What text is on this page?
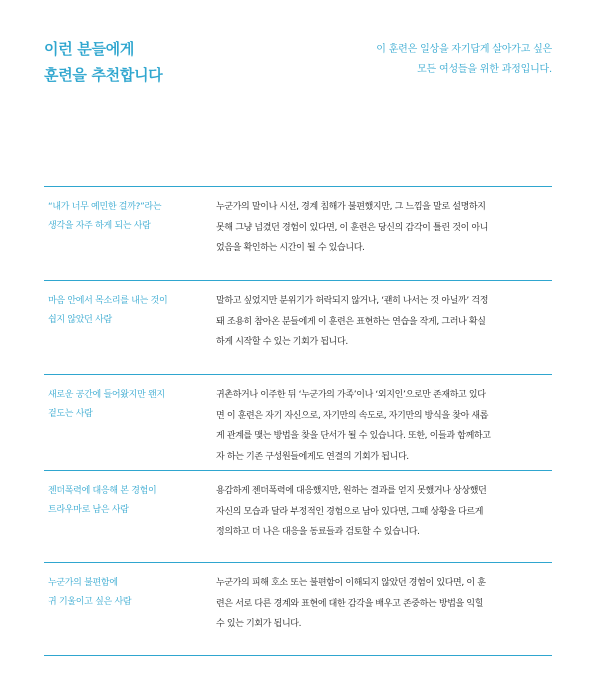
이런 분들에게
훈련을 추천합니다
이 훈련은 일상을 자기답게 살아가고 싶은
모든 여성들을 위한 과정입니다.
“내가 너무 예민한 걸까?”라는
생각을 자주 하게 되는 사람
누군가의 말이나 시선, 경계 침해가 불편했지만, 그 느낌을 말로 설명하지
못해 그냥 넘겼던 경험이 있다면, 이 훈련은 당신의 감각이 틀린 것이 아니
었음을 확인하는 시간이 될 수 있습니다.
마음 안에서 목소리를 내는 것이
쉽지 않았던 사람
말하고 싶었지만 분위기가 허락되지 않거나, ‘괜히 나서는 것 아닐까’ 걱정
돼 조용히 참아온 분들에게 이 훈련은 표현하는 연습을 작게, 그러나 확실
하게 시작할 수 있는 기회가 됩니다.
새로운 공간에 들어왔지만 왠지
겉도는 사람
귀촌하거나 이주한 뒤 ‘누군가의 가족’이나 ‘외지인’으로만 존재하고 있다
면 이 훈련은 자기 자신으로, 자기만의 속도로, 자기만의 방식을 찾아 새롭
게 관계를 맺는 방법을 찾을 단서가 될 수 있습니다. 또한, 이들과 함께하고
자 하는 기존 구성원들에게도 연결의 기회가 됩니다.
젠더폭력에 대응해 본 경험이
트라우마로 남은 사람
용감하게 젠더폭력에 대응했지만, 원하는 결과를 얻지 못했거나 상상했던
자신의 모습과 달라 부정적인 경험으로 남아 있다면, 그때 상황을 다르게
정의하고 더 나은 대응을 동료들과 검토할 수 있습니다.
누군가의 불편함에
귀 기울이고 싶은 사람
누군가의 피해 호소 또는 불편함이 이해되지 않았던 경험이 있다면, 이 훈
련은 서로 다른 경계와 표현에 대한 감각을 배우고 존중하는 방법을 익힐
수 있는 기회가 됩니다.
